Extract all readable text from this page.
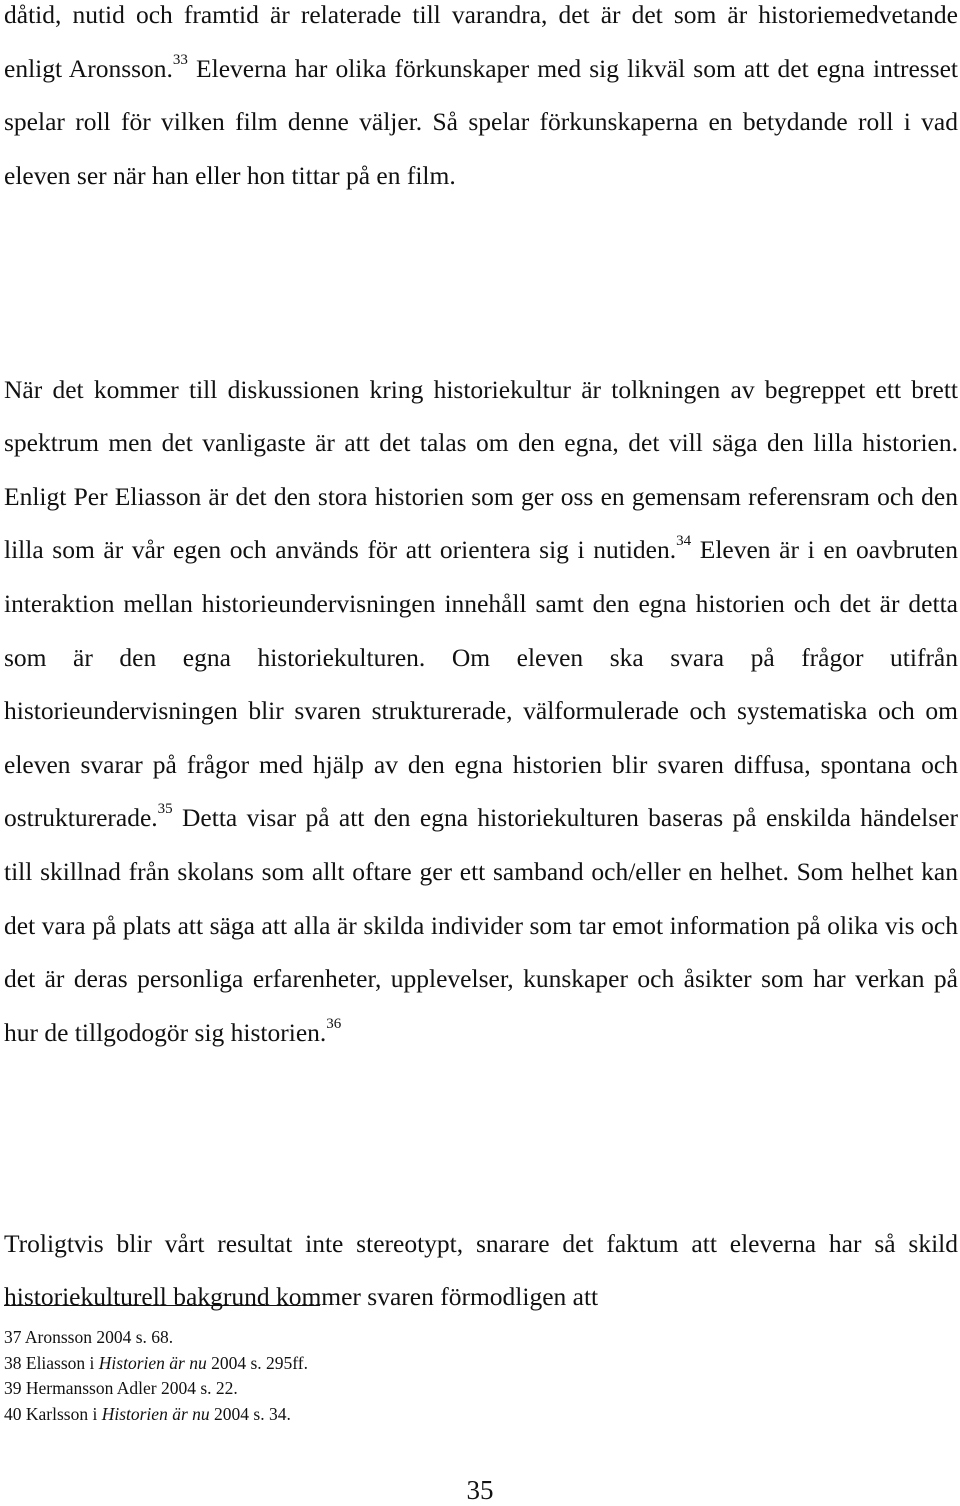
dåtid, nutid och framtid är relaterade till varandra, det är det som är historiemedvetande enligt Aronsson.$^{33}$ Eleverna har olika förkunskaper med sig likväl som att det egna intresset spelar roll för vilken film denne väljer. Så spelar förkunskaperna en betydande roll i vad eleven ser när han eller hon tittar på en film.

När det kommer till diskussionen kring historiekultur är tolkningen av begreppet ett brett spektrum men det vanligaste är att det talas om den egna, det vill säga den lilla historien. Enligt Per Eliasson är det den stora historien som ger oss en gemensam referensram och den lilla som är vår egen och används för att orientera sig i nutiden.$^{34}$ Eleven är i en oavbruten interaktion mellan historieundervisningen innehåll samt den egna historien och det är detta som är den egna historiekulturen. Om eleven ska svara på frågor utifrån historieundervisningen blir svaren strukturerade, välformulerade och systematiska och om eleven svarar på frågor med hjälp av den egna historien blir svaren diffusa, spontana och ostrukturerade.$^{35}$ Detta visar på att den egna historiekulturen baseras på enskilda händelser till skillnad från skolans som allt oftare ger ett samband och/eller en helhet. Som helhet kan det vara på plats att säga att alla är skilda individer som tar emot information på olika vis och det är deras personliga erfarenheter, upplevelser, kunskaper och åsikter som har verkan på hur de tillgodogör sig historien.$^{36}$

Troligtvis blir vårt resultat inte stereotypt, snarare det faktum att eleverna har så skild historiekulturell bakgrund kommer svaren förmodligen att

37 Aronsson 2004 s. 68.

38 Eliasson i Historien är nu 2004 s. 295ff.

39 Hermansson Adler 2004 s. 22.

40 Karlsson i Historien är nu 2004 s. 34.

35
